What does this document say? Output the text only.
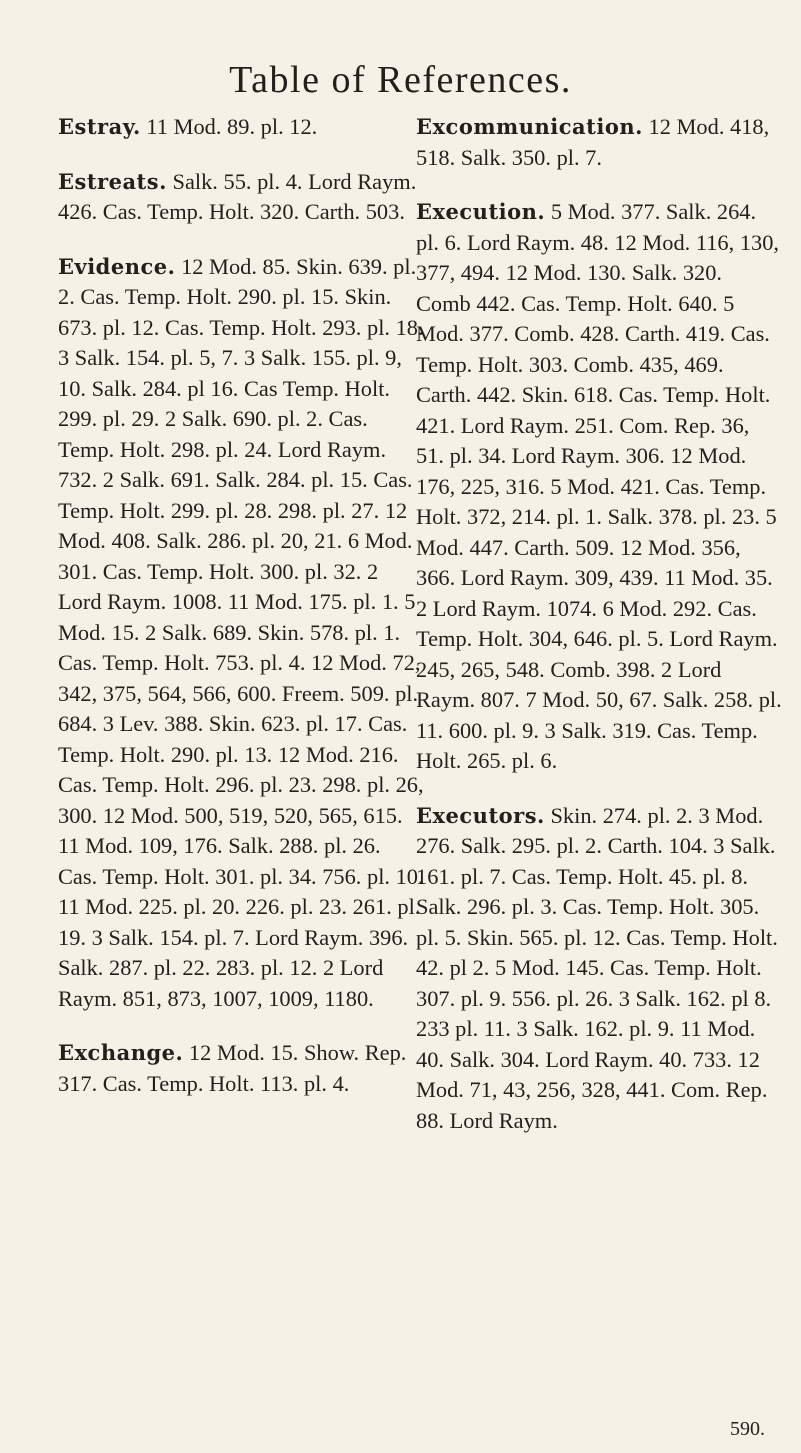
Table of References.

Estray. 11 Mod. 89. pl. 12.

Estreats. Salk. 55. pl. 4. Lord Raym. 426. Cas. Temp. Holt. 320. Carth. 503.

Evidence. 12 Mod. 85. Skin. 639. pl. 2. Cas. Temp. Holt. 290. pl. 15. Skin. 673. pl. 12. Cas. Temp. Holt. 293. pl. 18. 3 Salk. 154. pl. 5, 7. 3 Salk. 155. pl. 9, 10. Salk. 284. pl 16. Cas Temp. Holt. 299. pl. 29. 2 Salk. 690. pl. 2. Cas. Temp. Holt. 298. pl. 24. Lord Raym. 732. 2 Salk. 691. Salk. 284. pl. 15. Cas. Temp. Holt. 299. pl. 28. 298. pl. 27. 12 Mod. 408. Salk. 286. pl. 20, 21. 6 Mod. 301. Cas. Temp. Holt. 300. pl. 32. 2 Lord Raym. 1008. 11 Mod. 175. pl. 1. 5 Mod. 15. 2 Salk. 689. Skin. 578. pl. 1. Cas. Temp. Holt. 753. pl. 4. 12 Mod. 72, 342, 375, 564, 566, 600. Freem. 509. pl. 684. 3 Lev. 388. Skin. 623. pl. 17. Cas. Temp. Holt. 290. pl. 13. 12 Mod. 216. Cas. Temp. Holt. 296. pl. 23. 298. pl. 26, 300. 12 Mod. 500, 519, 520, 565, 615. 11 Mod. 109, 176. Salk. 288. pl. 26. Cas. Temp. Holt. 301. pl. 34. 756. pl. 10. 11 Mod. 225. pl. 20. 226. pl. 23. 261. pl. 19. 3 Salk. 154. pl. 7. Lord Raym. 396. Salk. 287. pl. 22. 283. pl. 12. 2 Lord Raym. 851, 873, 1007, 1009, 1180.

Exchange. 12 Mod. 15. Show. Rep. 317. Cas. Temp. Holt. 113. pl. 4.

Excommunication. 12 Mod. 418, 518. Salk. 350. pl. 7.

Execution. 5 Mod. 377. Salk. 264. pl. 6. Lord Raym. 48. 12 Mod. 116, 130, 377, 494. 12 Mod. 130. Salk. 320. Comb 442. Cas. Temp. Holt. 640. 5 Mod. 377. Comb. 428. Carth. 419. Cas. Temp. Holt. 303. Comb. 435, 469. Carth. 442. Skin. 618. Cas. Temp. Holt. 421. Lord Raym. 251. Com. Rep. 36, 51. pl. 34. Lord Raym. 306. 12 Mod. 176, 225, 316. 5 Mod. 421. Cas. Temp. Holt. 372, 214. pl. 1. Salk. 378. pl. 23. 5 Mod. 447. Carth. 509. 12 Mod. 356, 366. Lord Raym. 309, 439. 11 Mod. 35. 2 Lord Raym. 1074. 6 Mod. 292. Cas. Temp. Holt. 304, 646. pl. 5. Lord Raym. 245, 265, 548. Comb. 398. 2 Lord Raym. 807. 7 Mod. 50, 67. Salk. 258. pl. 11. 600. pl. 9. 3 Salk. 319. Cas. Temp. Holt. 265. pl. 6.

Executors. Skin. 274. pl. 2. 3 Mod. 276. Salk. 295. pl. 2. Carth. 104. 3 Salk. 161. pl. 7. Cas. Temp. Holt. 45. pl. 8. Salk. 296. pl. 3. Cas. Temp. Holt. 305. pl. 5. Skin. 565. pl. 12. Cas. Temp. Holt. 42. pl 2. 5 Mod. 145. Cas. Temp. Holt. 307. pl. 9. 556. pl. 26. 3 Salk. 162. pl 8. 233 pl. 11. 3 Salk. 162. pl. 9. 11 Mod. 40. Salk. 304. Lord Raym. 40. 733. 12 Mod. 71, 43, 256, 328, 441. Com. Rep. 88. Lord Raym.

590.
